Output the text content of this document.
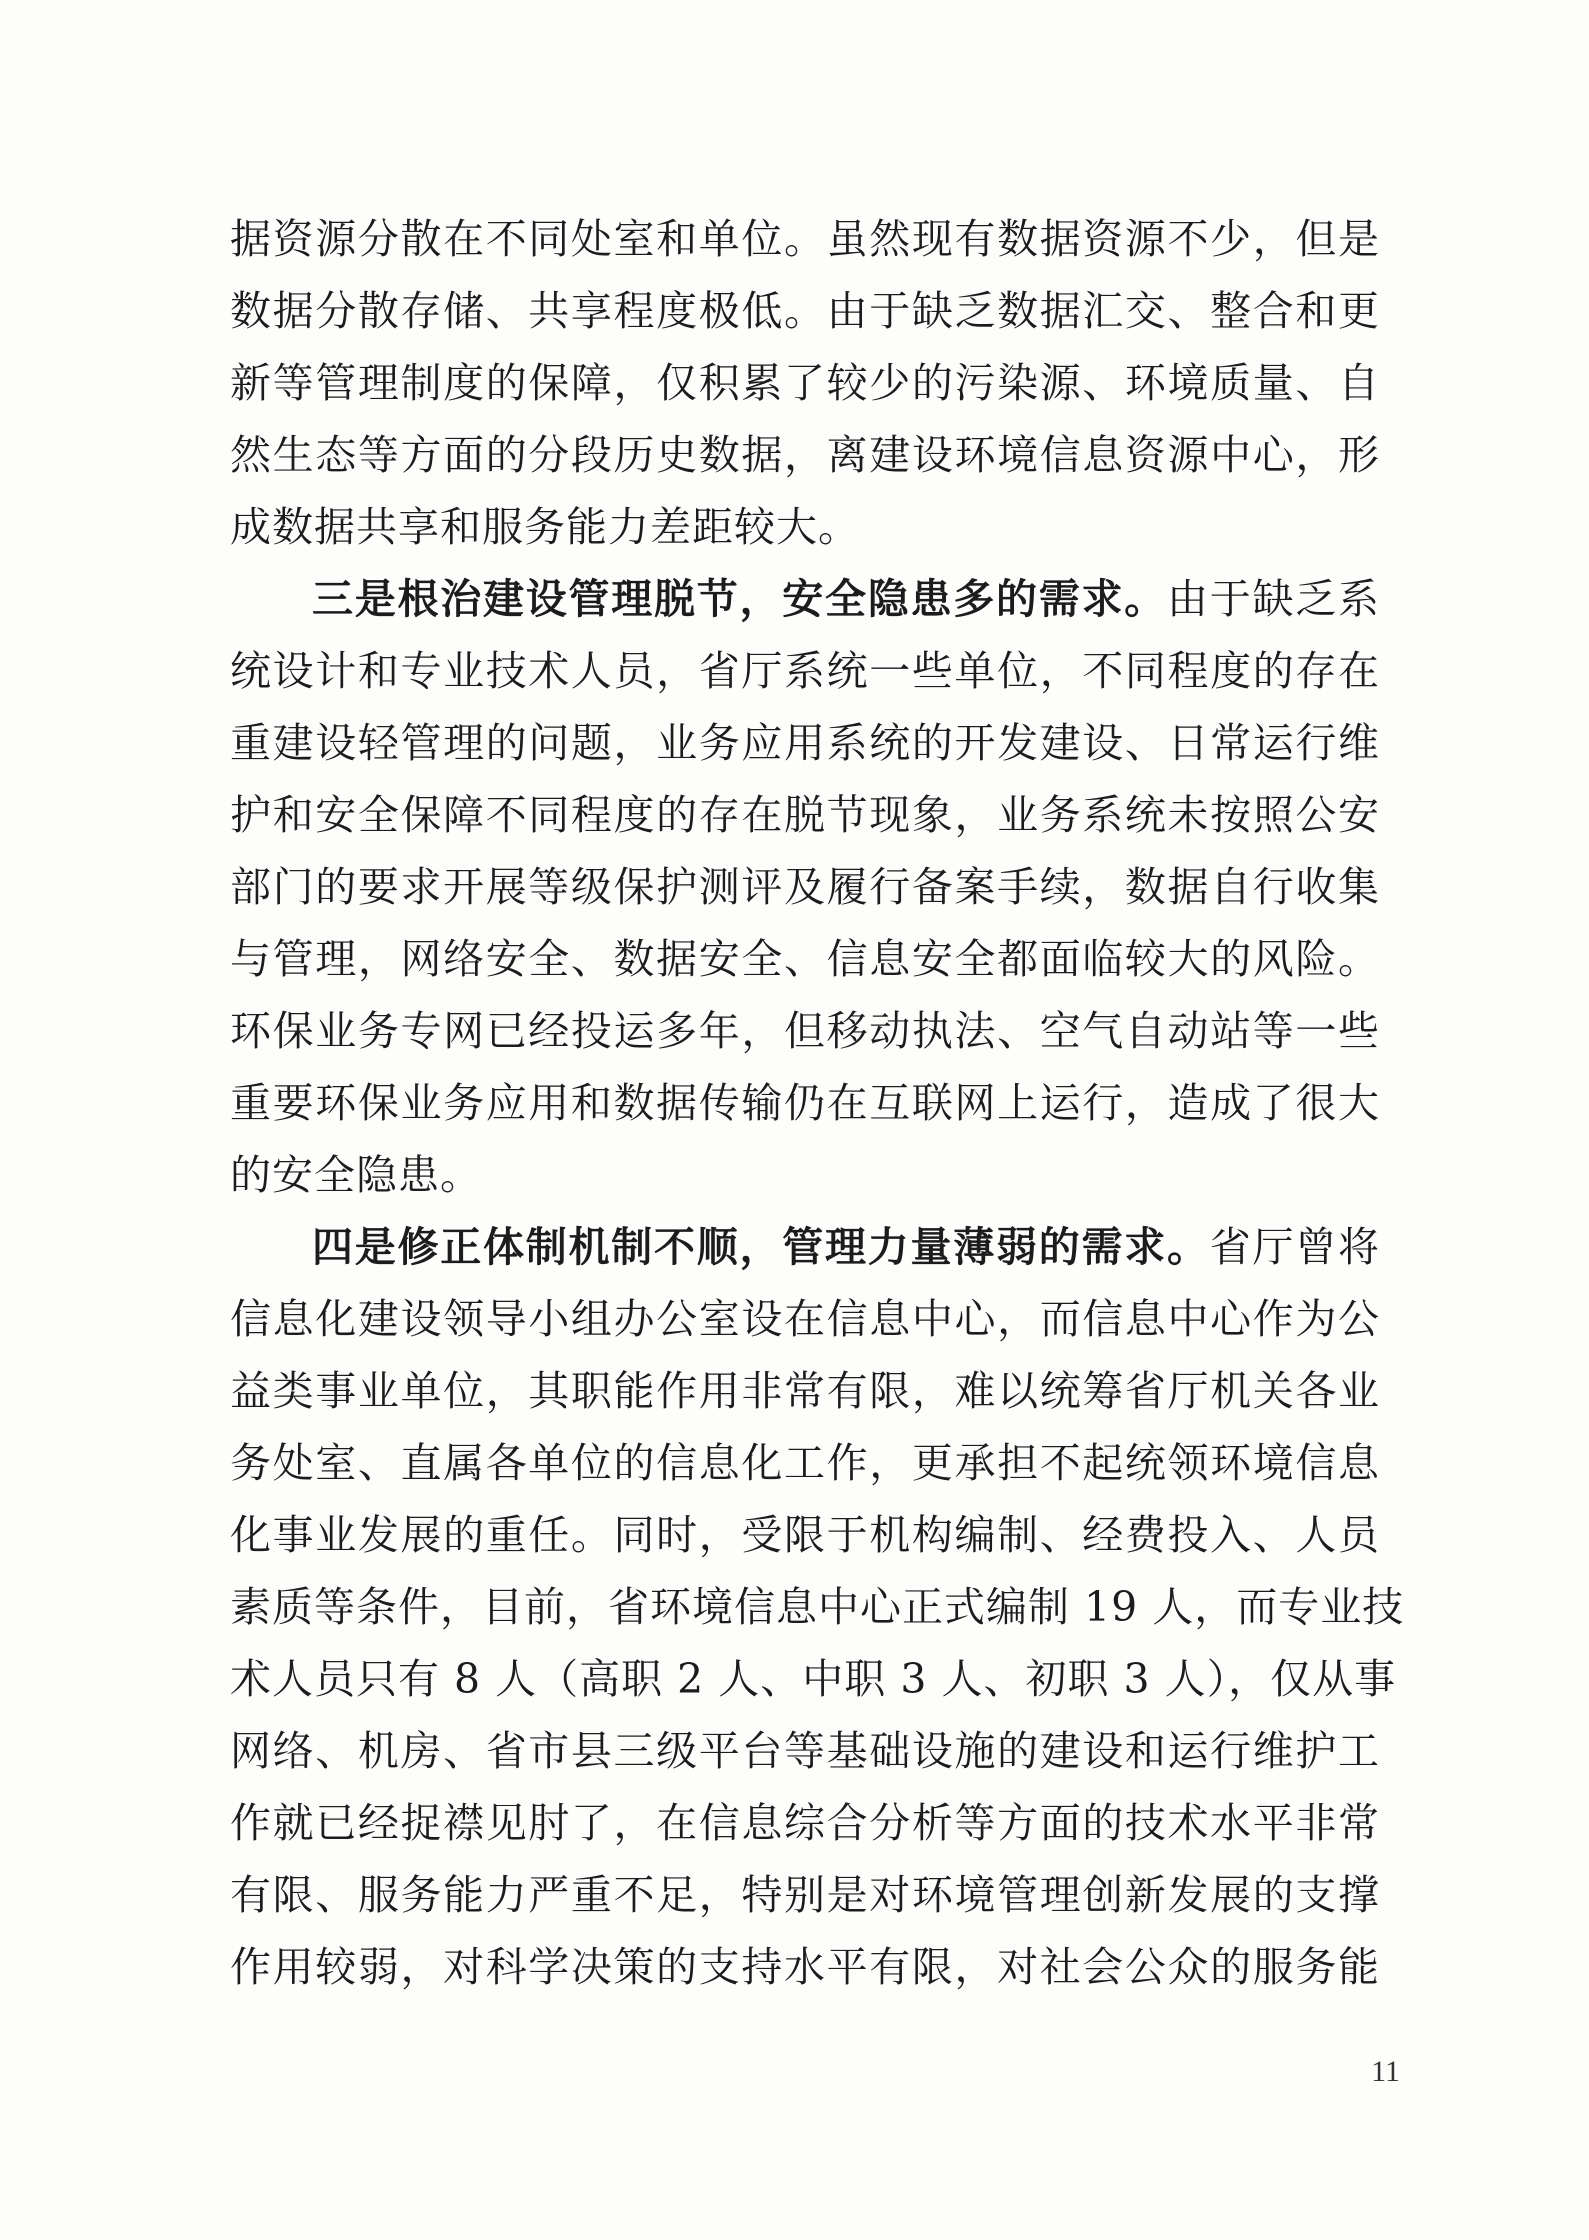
据资源分散在不同处室和单位。虽然现有数据资源不少，但是
数据分散存储、共享程度极低。由于缺乏数据汇交、整合和更
新等管理制度的保障，仅积累了较少的污染源、环境质量、自
然生态等方面的分段历史数据，离建设环境信息资源中心，形
成数据共享和服务能力差距较大。
三是根治建设管理脱节，安全隐患多的需求。由于缺乏系
统设计和专业技术人员，省厅系统一些单位，不同程度的存在
重建设轻管理的问题，业务应用系统的开发建设、日常运行维
护和安全保障不同程度的存在脱节现象，业务系统未按照公安
部门的要求开展等级保护测评及履行备案手续，数据自行收集
与管理，网络安全、数据安全、信息安全都面临较大的风险。
环保业务专网已经投运多年，但移动执法、空气自动站等一些
重要环保业务应用和数据传输仍在互联网上运行，造成了很大
的安全隐患。
四是修正体制机制不顺，管理力量薄弱的需求。省厅曾将
信息化建设领导小组办公室设在信息中心，而信息中心作为公
益类事业单位，其职能作用非常有限，难以统筹省厅机关各业
务处室、直属各单位的信息化工作，更承担不起统领环境信息
化事业发展的重任。同时，受限于机构编制、经费投入、人员
素质等条件，目前，省环境信息中心正式编制 19 人，而专业技
术人员只有 8 人（高职 2 人、中职 3 人、初职 3 人），仅从事
网络、机房、省市县三级平台等基础设施的建设和运行维护工
作就已经捉襟见肘了，在信息综合分析等方面的技术水平非常
有限、服务能力严重不足，特别是对环境管理创新发展的支撑
作用较弱，对科学决策的支持水平有限，对社会公众的服务能
11
